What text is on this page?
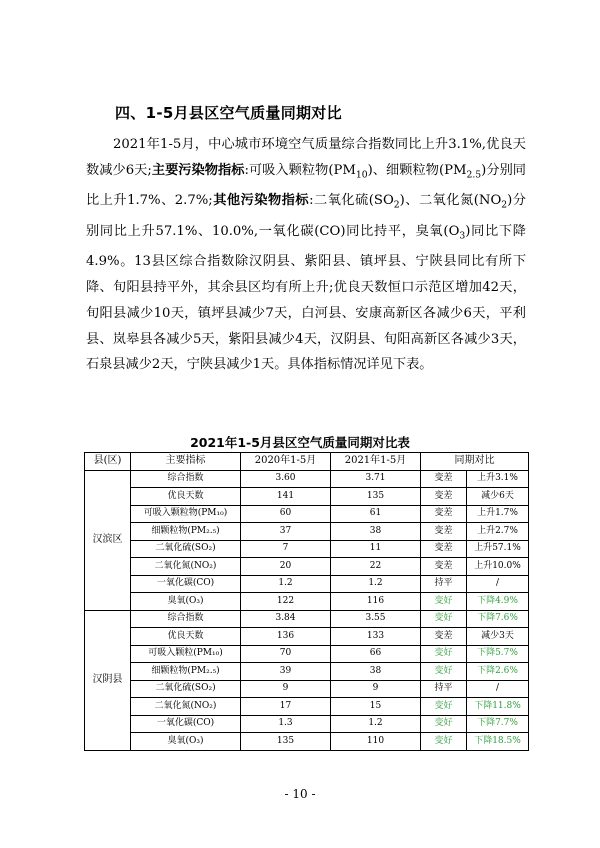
四、1-5月县区空气质量同期对比

2021年1-5月，中心城市环境空气质量综合指数同比上升3.1%,优良天数减少6天;主要污染物指标:可吸入颗粒物$(PM_{10})$、细颗粒物$(PM_{2.5})$分别同比上升1.7%、2.7%;其他污染物指标:二氧化硫$(SO_2)$、二氧化氮$(NO_2)$分别同比上升57.1%、10.0%,一氧化碳(CO)同比持平，臭氧$(O_3)$同比下降4.9%。13县区综合指数除汉阴县、紫阳县、镇坪县、宁陕县同比有所下降、旬阳县持平外，其余县区均有所上升;优良天数恒口示范区增加42天，旬阳县减少10天，镇坪县减少7天，白河县、安康高新区各减少6天，平利县、岚皋县各减少5天，紫阳县减少4天，汉阴县、旬阳高新区各减少3天，石泉县减少2天，宁陕县减少1天。具体指标情况详见下表。

2021年1-5月县区空气质量同期对比表
县(区)	主要指标	2020年1-5月	2021年1-5月	同期对比	
汉滨区	综合指数	3.60	3.71	变差	上升3.1%
	优良天数	141	135	变差	减少6天
	可吸入颗粒物(PM₁₀)	60	61	变差	上升1.7%
	细颗粒物(PM₂.₅)	37	38	变差	上升2.7%
	二氧化硫(SO₂)	7	11	变差	上升57.1%
	二氧化氮(NO₂)	20	22	变差	上升10.0%
	一氧化碳(CO)	1.2	1.2	持平	/
	臭氧(O₃)	122	116	变好	下降4.9%
汉阴县	综合指数	3.84	3.55	变好	下降7.6%
	优良天数	136	133	变差	减少3天
	可吸入颗粒(PM₁₀)	70	66	变好	下降5.7%
	细颗粒物(PM₂.₅)	39	38	变好	下降2.6%
	二氧化硫(SO₂)	9	9	持平	/
	二氧化氮(NO₂)	17	15	变好	下降11.8%
	一氧化碳(CO)	1.3	1.2	变好	下降7.7%
	臭氧(O₃)	135	110	变好	下降18.5%
- 10 -
